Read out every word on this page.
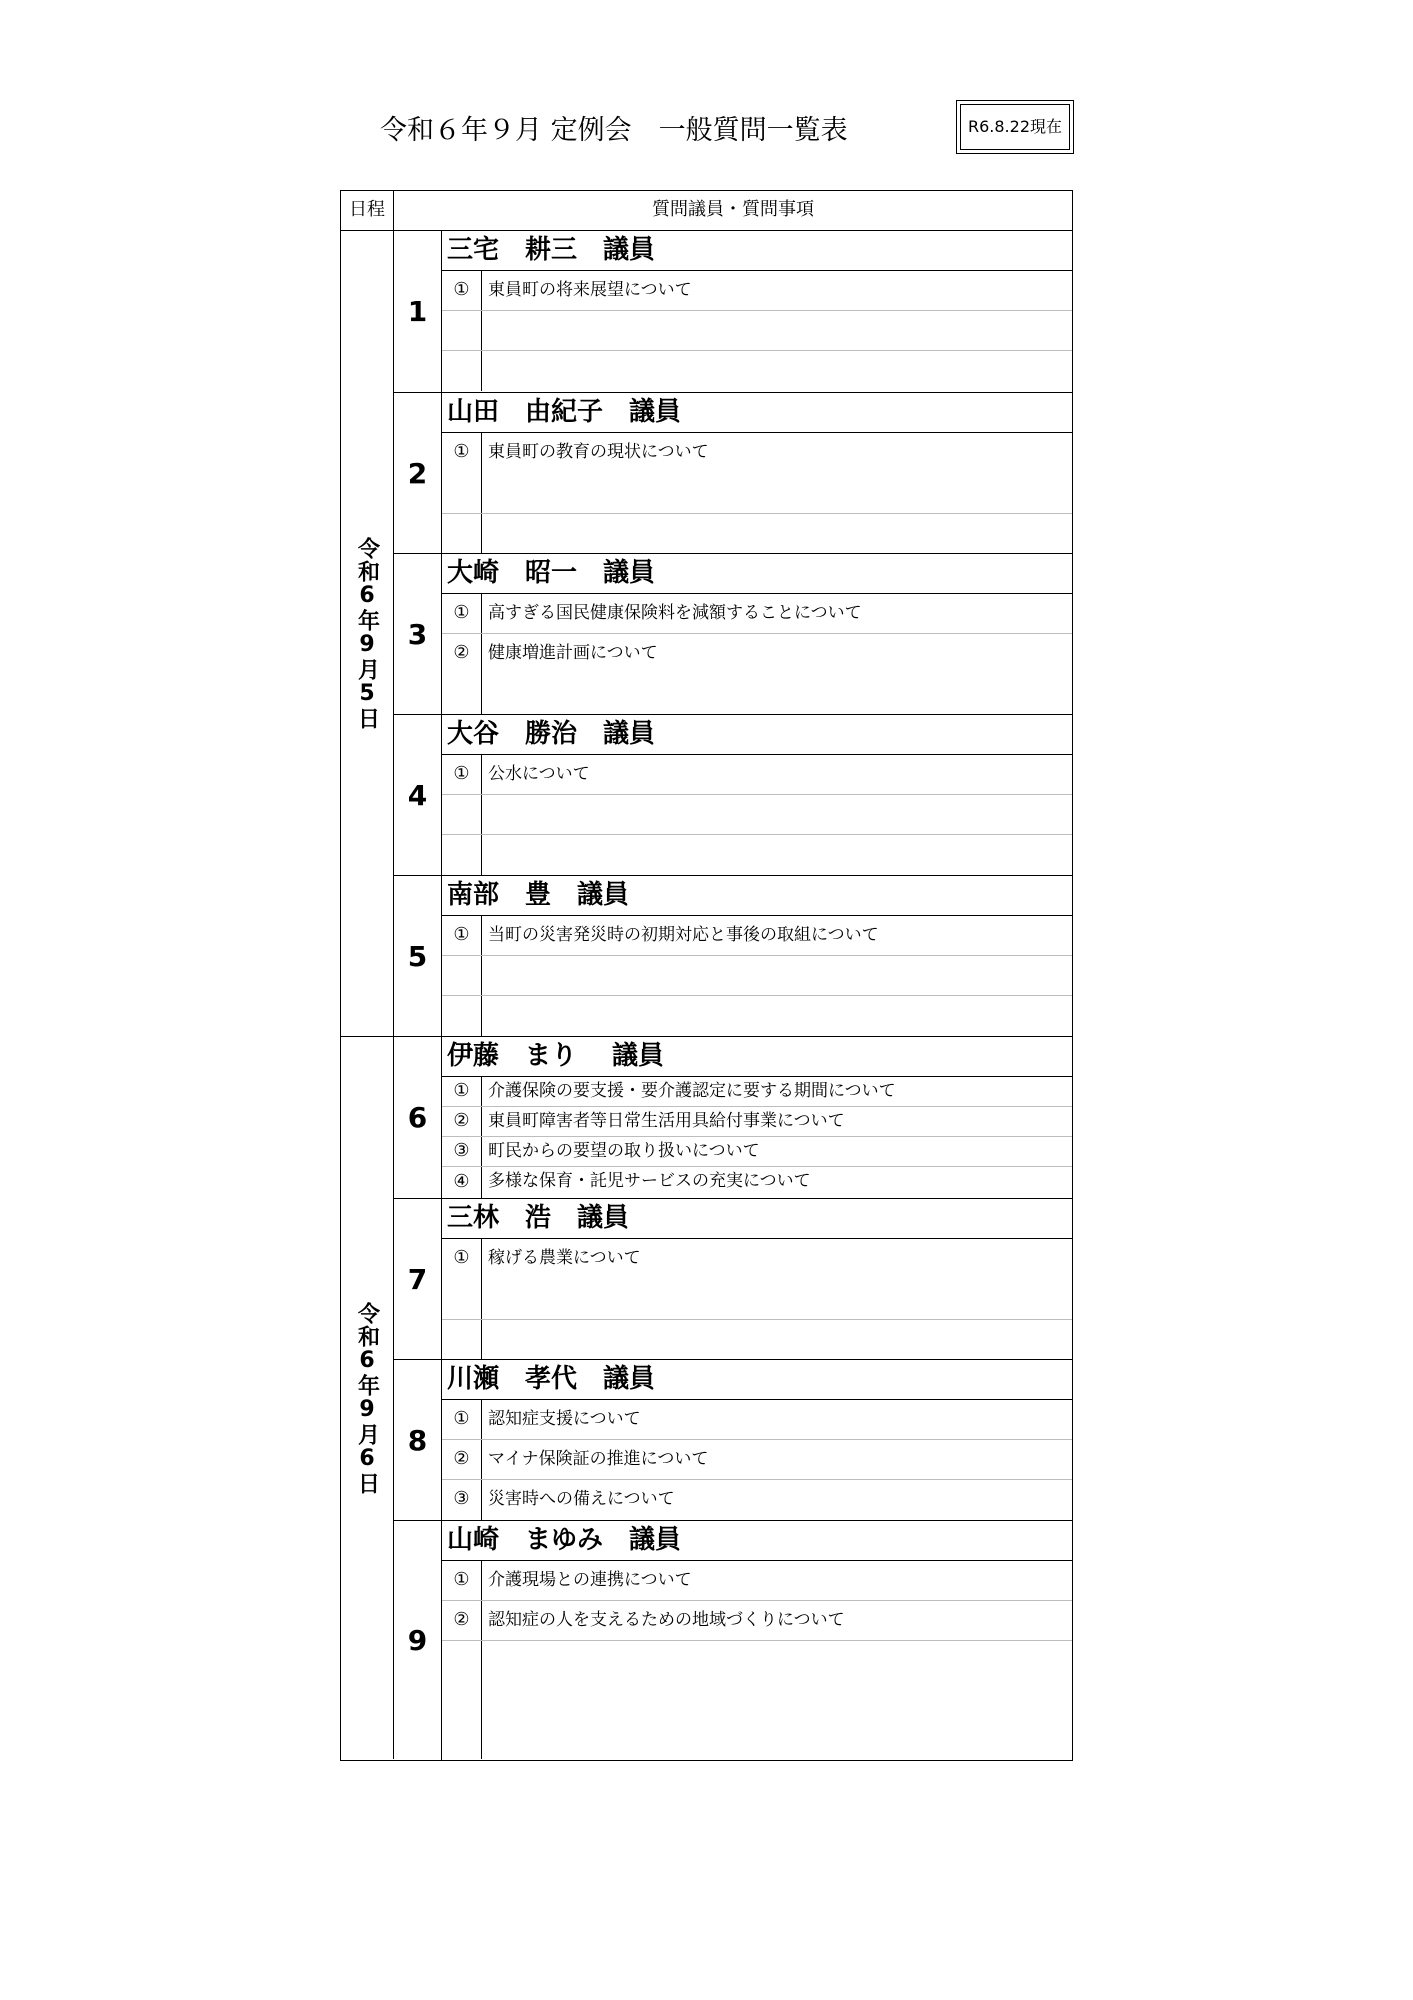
令和６年９月 定例会　一般質問一覧表	R6.8.22現在
日程	質問議員・質問事項
令和6年9月5日
1
三宅　耕三　議員
①	東員町の将来展望について
2
山田　由紀子　議員
①	東員町の教育の現状について
3
大崎　昭一　議員
①	高すぎる国民健康保険料を減額することについて
②	健康増進計画について
4
大谷　勝治　議員
①	公水について
5
南部　豊　議員
①	当町の災害発災時の初期対応と事後の取組について
令和6年9月6日
6
伊藤　まり　 議員
①	介護保険の要支援・要介護認定に要する期間について
②	東員町障害者等日常生活用具給付事業について
③	町民からの要望の取り扱いについて
④	多様な保育・託児サービスの充実について
7
三林　浩　議員
①	稼げる農業について
8
川瀬　孝代　議員
①	認知症支援について
②	マイナ保険証の推進について
③	災害時への備えについて
9
山崎　まゆみ　議員
①	介護現場との連携について
②	認知症の人を支えるための地域づくりについて
